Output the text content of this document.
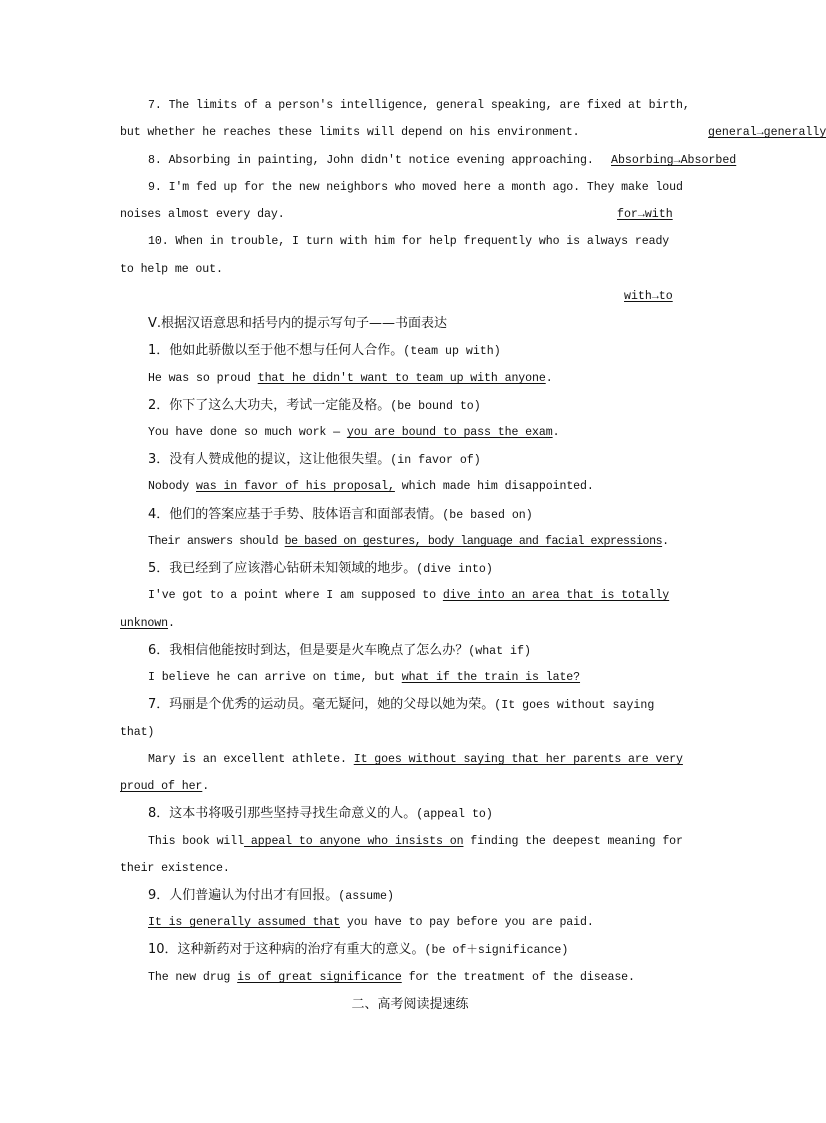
7. The limits of a person's intelligence, general speaking, are fixed at birth,
but whether he reaches these limits will depend on his environment.	general→generally
8. Absorbing in painting, John didn't notice evening approaching.	Absorbing→Absorbed
9. I'm fed up for the new neighbors who moved here a month ago. They make loud
noises almost every day.	for→with
10. When in trouble, I turn with him for help frequently who is always ready
to help me out.
with→to
Ⅴ.根据汉语意思和括号内的提示写句子——书面表达
1．他如此骄傲以至于他不想与任何人合作。(team up with)
He was so proud that he didn't want to team up with anyone.
2．你下了这么大功夫，考试一定能及格。(be bound to)
You have done so much work — you are bound to pass the exam.
3．没有人赞成他的提议，这让他很失望。(in favor of)
Nobody was in favor of his proposal, which made him disappointed.
4．他们的答案应基于手势、肢体语言和面部表情。(be based on)
Their answers should be based on gestures, body language and facial expressions.
5．我已经到了应该潜心钻研未知领域的地步。(dive into)
I've got to a point where I am supposed to dive into an area that is totally
unknown.
6．我相信他能按时到达，但是要是火车晚点了怎么办？(what if)
I believe he can arrive on time, but what if the train is late?
7．玛丽是个优秀的运动员。毫无疑问，她的父母以她为荣。(It goes without saying
that)
Mary is an excellent athlete. It goes without saying that her parents are very
proud of her.
8．这本书将吸引那些坚持寻找生命意义的人。(appeal to)
This book will appeal to anyone who insists on finding the deepest meaning for
their existence.
9．人们普遍认为付出才有回报。(assume)
It is generally assumed that you have to pay before you are paid.
10．这种新药对于这种病的治疗有重大的意义。(be of＋significance)
The new drug is of great significance for the treatment of the disease.
二、高考阅读提速练
